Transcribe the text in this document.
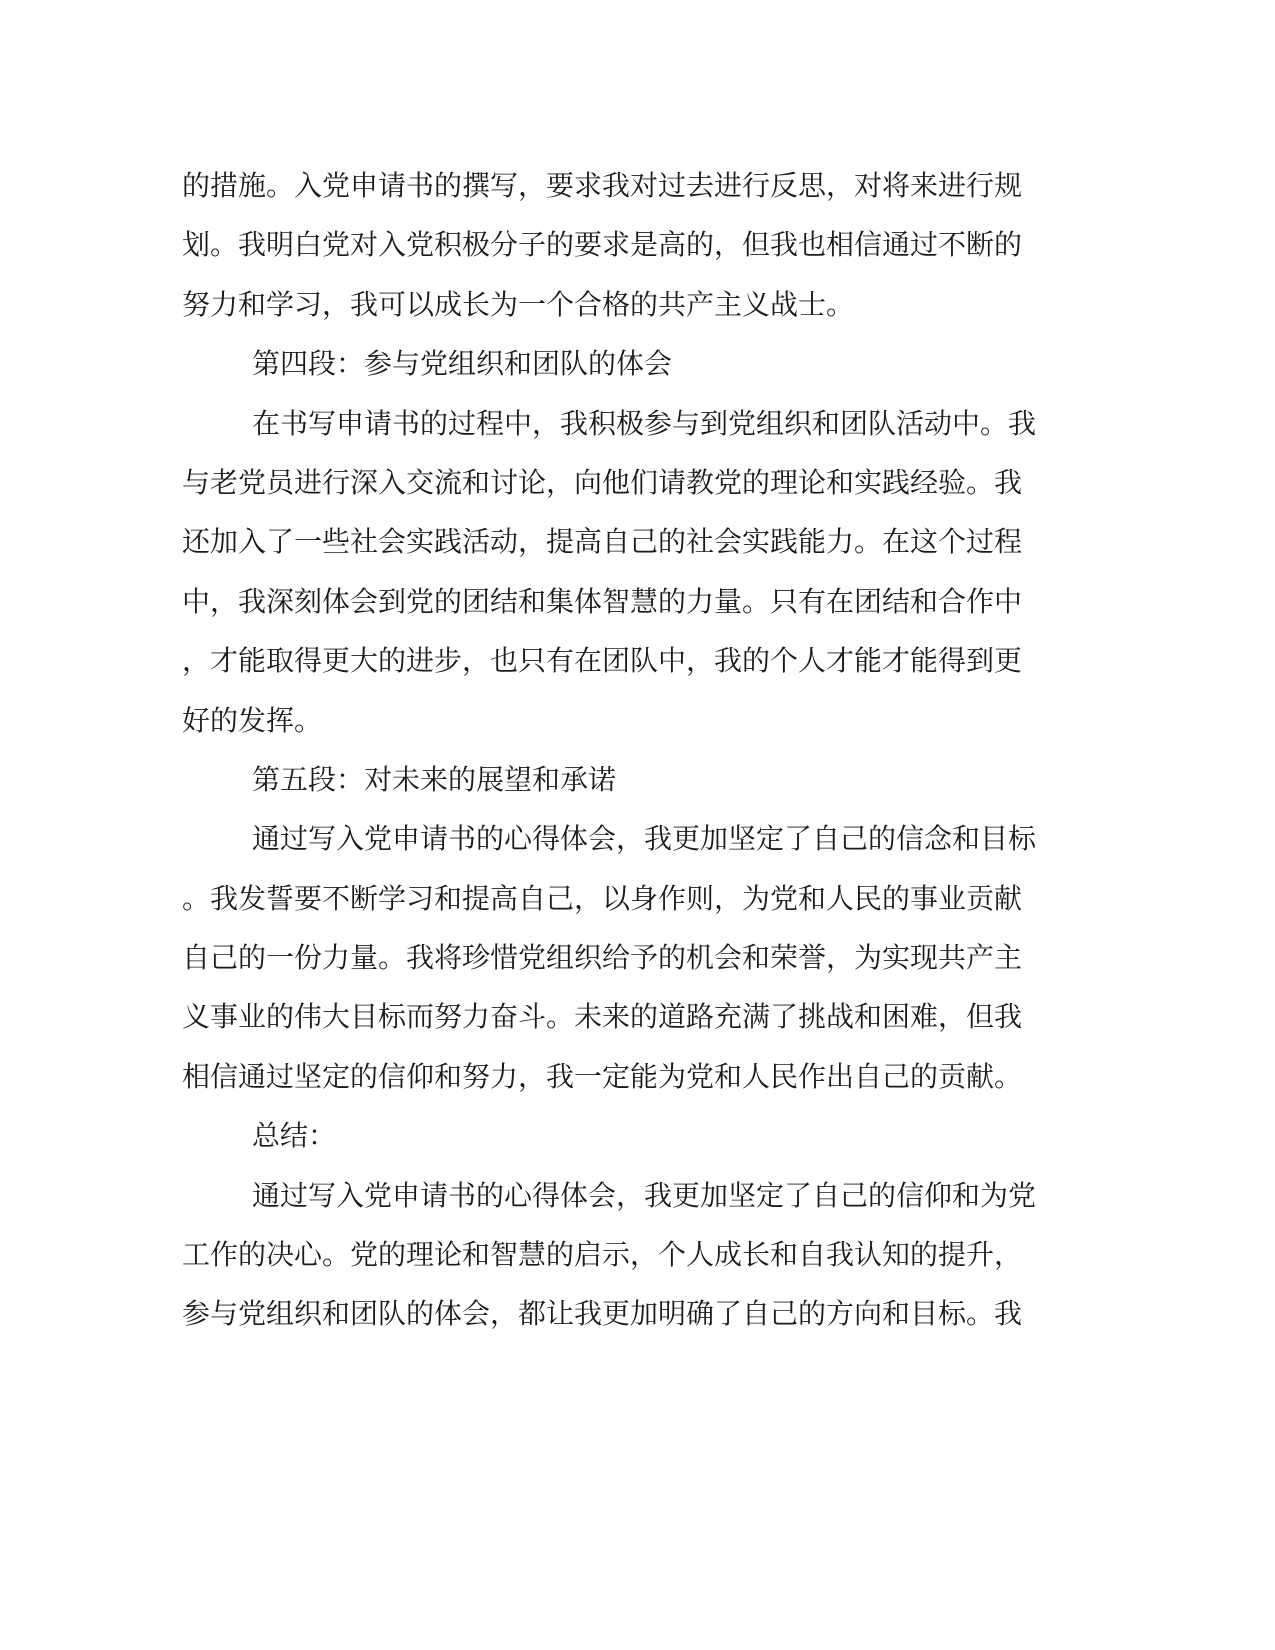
的措施。入党申请书的撰写，要求我对过去进行反思，对将来进行规
划。我明白党对入党积极分子的要求是高的，但我也相信通过不断的
努力和学习，我可以成长为一个合格的共产主义战士。
第四段：参与党组织和团队的体会
在书写申请书的过程中，我积极参与到党组织和团队活动中。我
与老党员进行深入交流和讨论，向他们请教党的理论和实践经验。我
还加入了一些社会实践活动，提高自己的社会实践能力。在这个过程
中，我深刻体会到党的团结和集体智慧的力量。只有在团结和合作中
，才能取得更大的进步，也只有在团队中，我的个人才能才能得到更
好的发挥。
第五段：对未来的展望和承诺
通过写入党申请书的心得体会，我更加坚定了自己的信念和目标
。我发誓要不断学习和提高自己，以身作则，为党和人民的事业贡献
自己的一份力量。我将珍惜党组织给予的机会和荣誉，为实现共产主
义事业的伟大目标而努力奋斗。未来的道路充满了挑战和困难，但我
相信通过坚定的信仰和努力，我一定能为党和人民作出自己的贡献。
总结：
通过写入党申请书的心得体会，我更加坚定了自己的信仰和为党
工作的决心。党的理论和智慧的启示，个人成长和自我认知的提升，
参与党组织和团队的体会，都让我更加明确了自己的方向和目标。我
